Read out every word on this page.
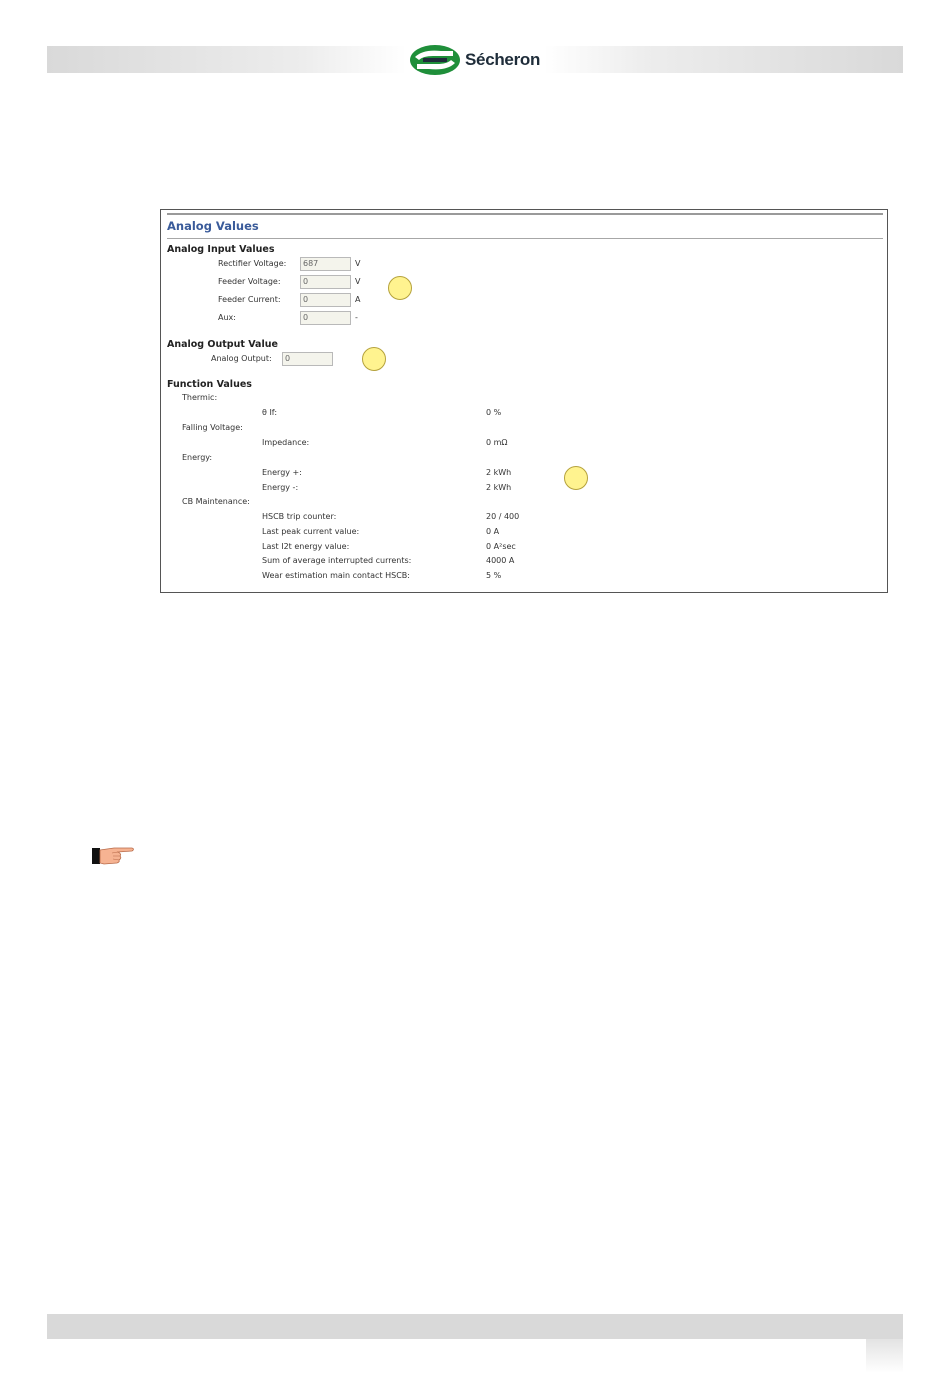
Sécheron
Analog Values
Analog Input Values
Rectifier Voltage:	687	V
Feeder Voltage:	0	V
Feeder Current:	0	A
Aux:	0	-
Analog Output Value
Analog Output:	0
Function Values
Thermic:
θ If:	0 %
Falling Voltage:
Impedance:	0 mΩ
Energy:
Energy +:	2 kWh
Energy -:	2 kWh
CB Maintenance:
HSCB trip counter:	20 / 400
Last peak current value:	0 A
Last I2t energy value:	0 A²sec
Sum of average interrupted currents:	4000 A
Wear estimation main contact HSCB:	5 %
